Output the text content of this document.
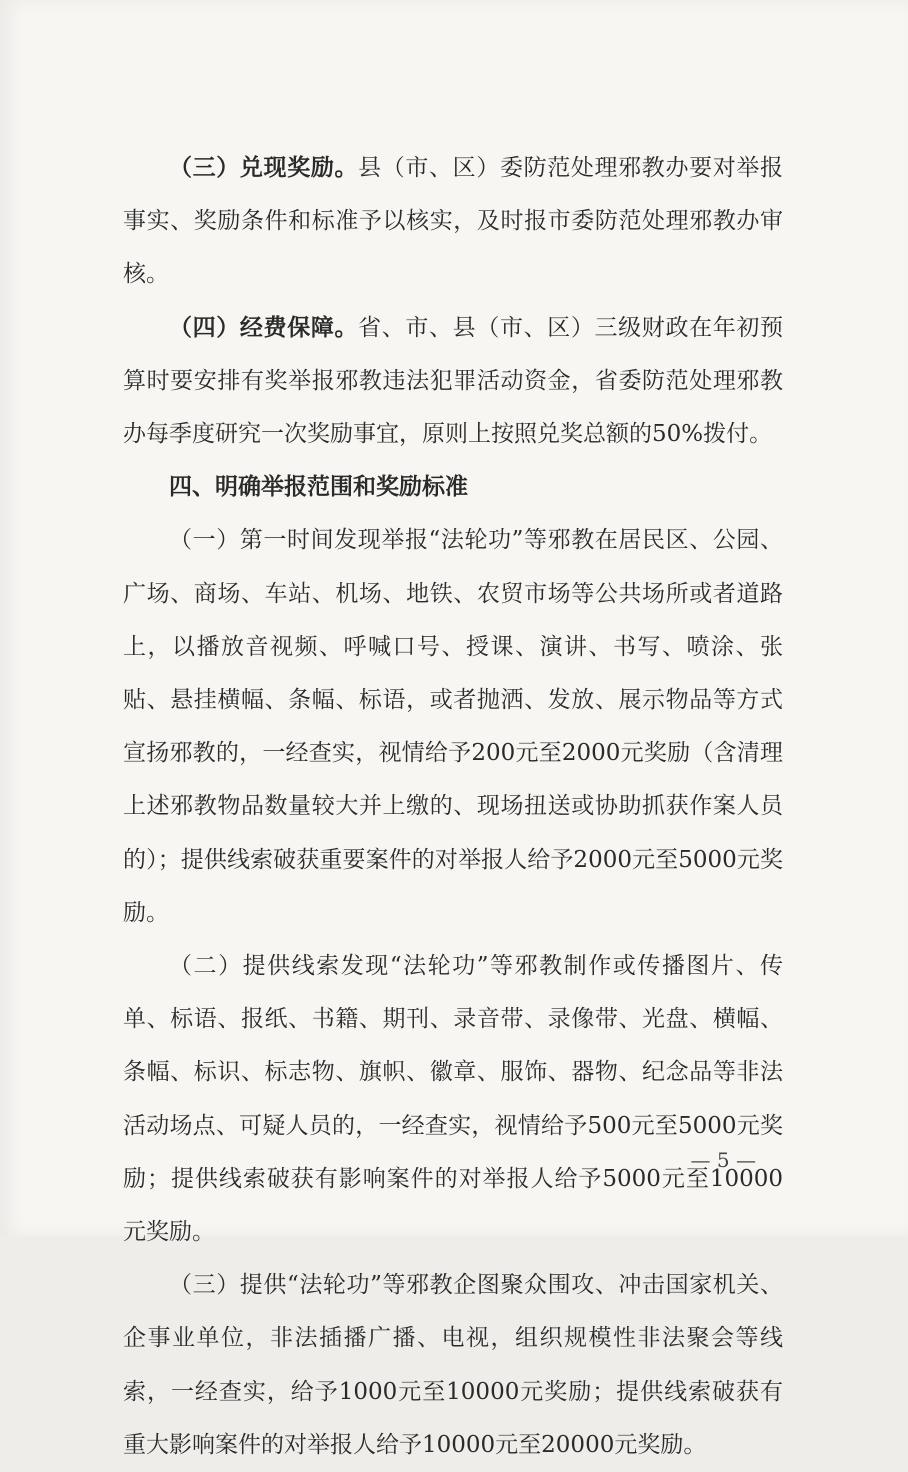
（三）兑现奖励。县（市、区）委防范处理邪教办要对举报事实、奖励条件和标准予以核实，及时报市委防范处理邪教办审核。

（四）经费保障。省、市、县（市、区）三级财政在年初预算时要安排有奖举报邪教违法犯罪活动资金，省委防范处理邪教办每季度研究一次奖励事宜，原则上按照兑奖总额的50%拨付。

四、明确举报范围和奖励标准

（一）第一时间发现举报“法轮功”等邪教在居民区、公园、广场、商场、车站、机场、地铁、农贸市场等公共场所或者道路上，以播放音视频、呼喊口号、授课、演讲、书写、喷涂、张贴、悬挂横幅、条幅、标语，或者抛洒、发放、展示物品等方式宣扬邪教的，一经查实，视情给予200元至2000元奖励（含清理上述邪教物品数量较大并上缴的、现场扭送或协助抓获作案人员的）；提供线索破获重要案件的对举报人给予2000元至5000元奖励。

（二）提供线索发现“法轮功”等邪教制作或传播图片、传单、标语、报纸、书籍、期刊、录音带、录像带、光盘、横幅、条幅、标识、标志物、旗帜、徽章、服饰、器物、纪念品等非法活动场点、可疑人员的，一经查实，视情给予500元至5000元奖励；提供线索破获有影响案件的对举报人给予5000元至10000元奖励。

（三）提供“法轮功”等邪教企图聚众围攻、冲击国家机关、企事业单位，非法插播广播、电视，组织规模性非法聚会等线索，一经查实，给予1000元至10000元奖励；提供线索破获有重大影响案件的对举报人给予10000元至20000元奖励。

— 5 —
